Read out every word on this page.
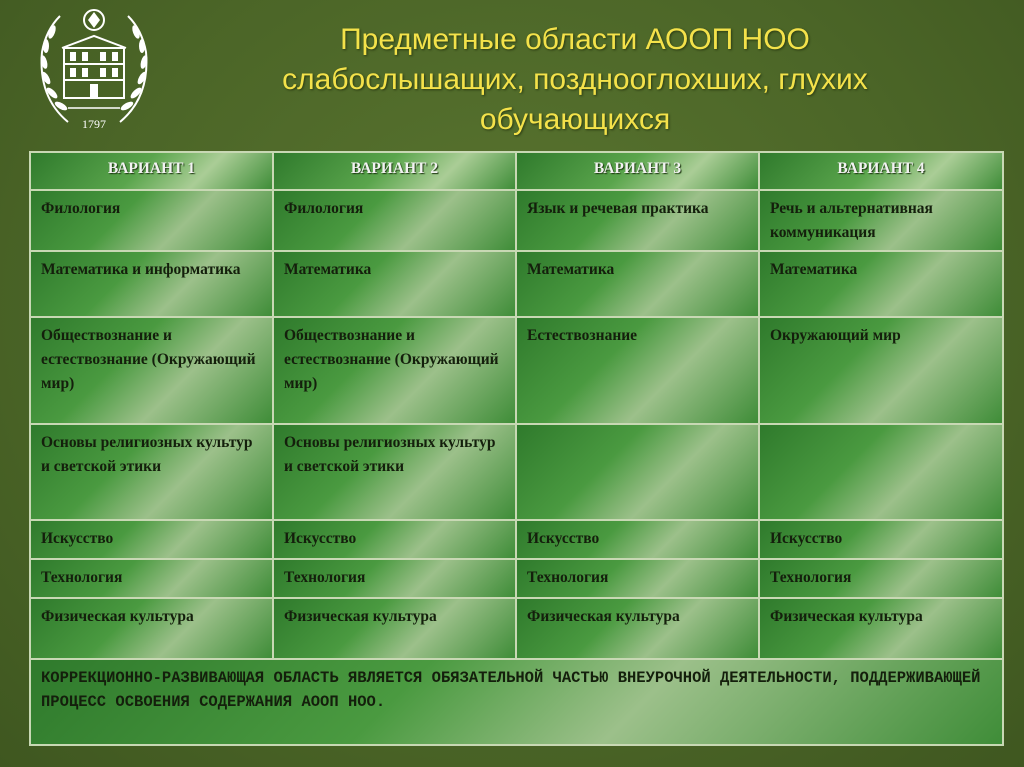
1797
Предметные области АООП НОО
слабослышащих, позднооглохших, глухих
обучающихся
ВАРИАНТ 1	ВАРИАНТ 2	ВАРИАНТ 3	ВАРИАНТ 4
Филология	Филология	Язык и речевая практика	Речь и альтернативная коммуникация
Математика и информатика	Математика	Математика	Математика
Обществознание и естествознание (Окружающий мир)	Обществознание и естествознание (Окружающий мир)	Естествознание	Окружающий мир
Основы религиозных культур и светской этики	Основы религиозных культур и светской этики		
Искусство	Искусство	Искусство	Искусство
Технология	Технология	Технология	Технология
Физическая культура	Физическая культура	Физическая культура	Физическая культура
КОРРЕКЦИОННО-РАЗВИВАЮЩАЯ ОБЛАСТЬ ЯВЛЯЕТСЯ ОБЯЗАТЕЛЬНОЙ ЧАСТЬЮ ВНЕУРОЧНОЙ ДЕЯТЕЛЬНОСТИ, ПОДДЕРЖИВАЮЩЕЙ ПРОЦЕСС ОСВОЕНИЯ СОДЕРЖАНИЯ АООП НОО.			
